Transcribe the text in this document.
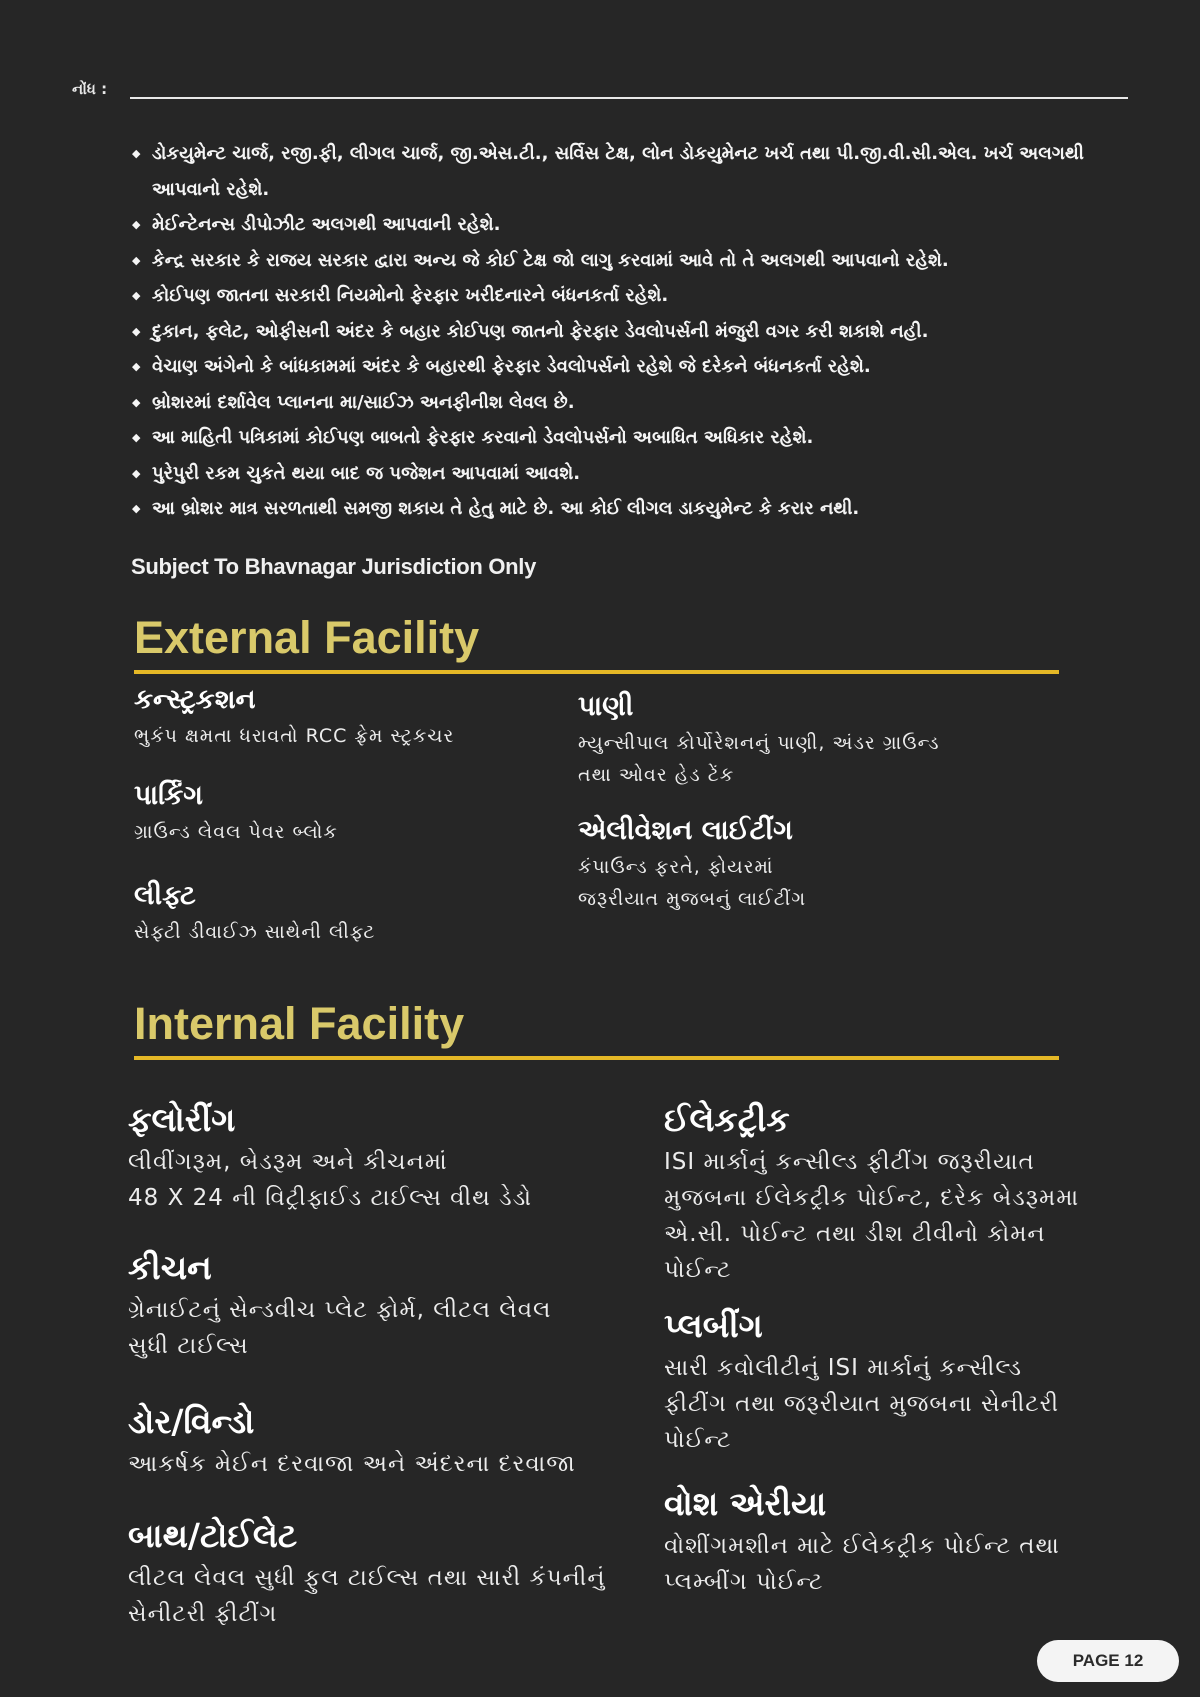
નોંધ :
◆ ડોકયુમેન્ટ ચાર્જ, રજી.ફી, લીગલ ચાર્જ, જી.એસ.ટી., સર્વિસ ટેક્ષ, લોન ડોકયુમેનટ ખર્ચ તથા પી.જી.વી.સી.એલ. ખર્ચ અલગથી આપવાનો રહેશે.
◆ મેઈન્ટેનન્સ ડીપોઝીટ અલગથી આપવાની રહેશે.
◆ કેન્દ્ર સરકાર કે રાજય સરકાર દ્વારા અન્ય જે કોઈ ટેક્ષ જો લાગુ કરવામાં આવે તો તે અલગથી આપવાનો રહેશે.
◆ કોઈપણ જાતના સરકારી નિયમોનો ફેરફાર ખરીદનારને બંધનકર્તા રહેશે.
◆ દુકાન, ફલેટ, ઓફીસની અંદર કે બહાર કોઈપણ જાતનો ફેરફાર ડેવલોપર્સની મંજુરી વગર કરી શકાશે નહી.
◆ વેચાણ અંગેનો કે બાંધકામમાં અંદર કે બહારથી ફેરફાર ડેવલોપર્સનો રહેશે જે દરેકને બંધનકર્તા રહેશે.
◆ બ્રોશરમાં દર્શાવેલ પ્લાનના મા/સાઈઝ અનફીનીશ લેવલ છે.
◆ આ માહિતી પત્રિકામાં કોઈપણ બાબતો ફેરફાર કરવાનો ડેવલોપર્સનો અબાધિત અધિકાર રહેશે.
◆ પુરેપુરી રકમ ચુકતે થયા બાદ જ પજેશન આપવામાં આવશે.
◆ આ બ્રોશર માત્ર સરળતાથી સમજી શકાય તે હેતુ માટે છે. આ કોઈ લીગલ ડાકયુમેન્ટ કે કરાર નથી.
Subject To Bhavnagar Jurisdiction Only
External Facility
કન્સ્ટ્રકશન

ભુકંપ ક્ષમતા ધરાવતો RCC ફ્રેમ સ્ટ્રકચર

પાર્કિંગ

ગ્રાઉન્ડ લેવલ પેવર બ્લોક

લીફ્ટ

સેફ્ટી ડીવાઈઝ સાથેની લીફ્ટ

પાણી

મ્યુન્સીપાલ કોર્પોરેશનનું પાણી, અંડર ગ્રાઉન્ડ
તથા ઓવર હેડ ટેંક

એલીવેશન લાઈટીંગ

કંપાઉન્ડ ફરતે, ફોયરમાં
જરૂરીયાત મુજબનું લાઈટીંગ

Internal Facility
ફલોરીંગ

લીવીંગરૂમ, બેડરૂમ અને કીચનમાં
48 X 24 ની વિટ્રીફાઈડ ટાઈલ્સ વીથ ડેડો

કીચન

ગ્રેનાઈટનું સેન્ડવીચ પ્લેટ ફોર્મ, લીટલ લેવલ
સુધી ટાઈલ્સ

ડોર/વિન્ડો

આકર્ષક મેઈન દરવાજા અને અંદરના દરવાજા

બાથ/ટોઈલેટ

લીટલ લેવલ સુધી ફુલ ટાઈલ્સ તથા સારી કંપનીનું
સેનીટરી ફીટીંગ

ઈલેકટ્રીક

ISI માર્કાનું કન્સીલ્ડ ફીટીંગ જરૂરીયાત
મુજબના ઈલેકટ્રીક પોઈન્ટ, દરેક બેડરૂમમા
એ.સી. પોઈન્ટ તથા ડીશ ટીવીનો કોમન
પોઈન્ટ

પ્લબીંગ

સારી કવોલીટીનું ISI માર્કાનું કન્સીલ્ડ
ફીટીંગ તથા જરૂરીયાત મુજબના સેનીટરી
પોઈન્ટ

વોશ એરીયા

વોશીંગમશીન માટે ઈલેકટ્રીક પોઈન્ટ તથા
પ્લમ્બીંગ પોઈન્ટ

PAGE 12
